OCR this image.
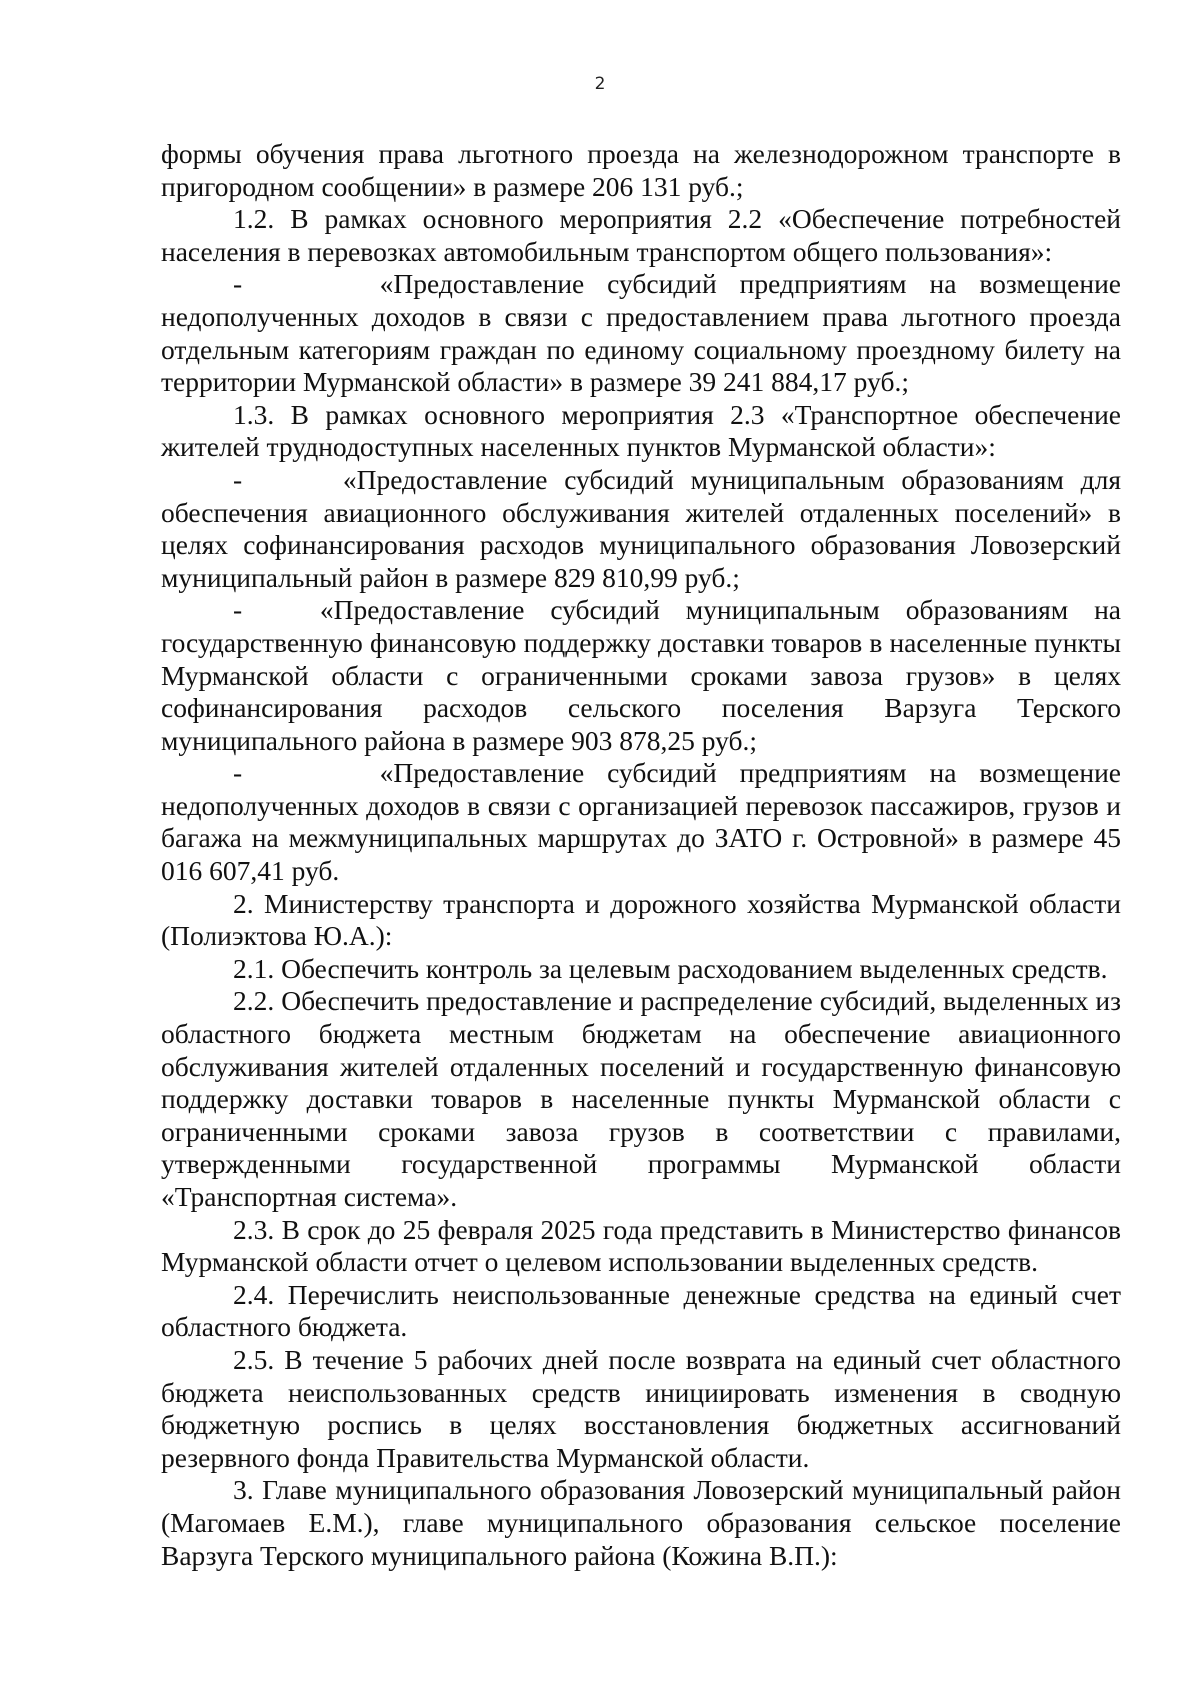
2

формы обучения права льготного проезда на железнодорожном транспорте в пригородном сообщении» в размере 206 131 руб.;

1.2. В рамках основного мероприятия 2.2 «Обеспечение потребностей населения в перевозках автомобильным транспортом общего пользования»:

-      «Предоставление субсидий предприятиям на возмещение недополученных доходов в связи с предоставлением права льготного проезда отдельным категориям граждан по единому социальному проездному билету на территории Мурманской области» в размере 39 241 884,17 руб.;

1.3. В рамках основного мероприятия 2.3 «Транспортное обеспечение жителей труднодоступных населенных пунктов Мурманской области»:

-      «Предоставление субсидий муниципальным образованиям для обеспечения авиационного обслуживания жителей отдаленных поселений» в целях софинансирования расходов муниципального образования Ловозерский муниципальный район в размере 829 810,99 руб.;

-   «Предоставление субсидий муниципальным образованиям на государственную финансовую поддержку доставки товаров в населенные пункты Мурманской области с ограниченными сроками завоза грузов» в целях софинансирования расходов сельского поселения Варзуга Терского муниципального района в размере 903 878,25 руб.;

-      «Предоставление субсидий предприятиям на возмещение недополученных доходов в связи с организацией перевозок пассажиров, грузов и багажа на межмуниципальных маршрутах до ЗАТО г. Островной» в размере 45 016 607,41 руб.

2. Министерству транспорта и дорожного хозяйства Мурманской области (Полиэктова Ю.А.):

2.1. Обеспечить контроль за целевым расходованием выделенных средств.

2.2. Обеспечить предоставление и распределение субсидий, выделенных из областного бюджета местным бюджетам на обеспечение авиационного обслуживания жителей отдаленных поселений и государственную финансовую поддержку доставки товаров в населенные пункты Мурманской области с ограниченными сроками завоза грузов в соответствии с правилами, утвержденными государственной программы Мурманской области «Транспортная система».

2.3. В срок до 25 февраля 2025 года представить в Министерство финансов Мурманской области отчет о целевом использовании выделенных средств.

2.4. Перечислить неиспользованные денежные средства на единый счет областного бюджета.

2.5. В течение 5 рабочих дней после возврата на единый счет областного бюджета неиспользованных средств инициировать изменения в сводную бюджетную роспись в целях восстановления бюджетных ассигнований резервного фонда Правительства Мурманской области.

3. Главе муниципального образования Ловозерский муниципальный район (Магомаев Е.М.), главе муниципального образования сельское поселение Варзуга Терского муниципального района (Кожина В.П.):
